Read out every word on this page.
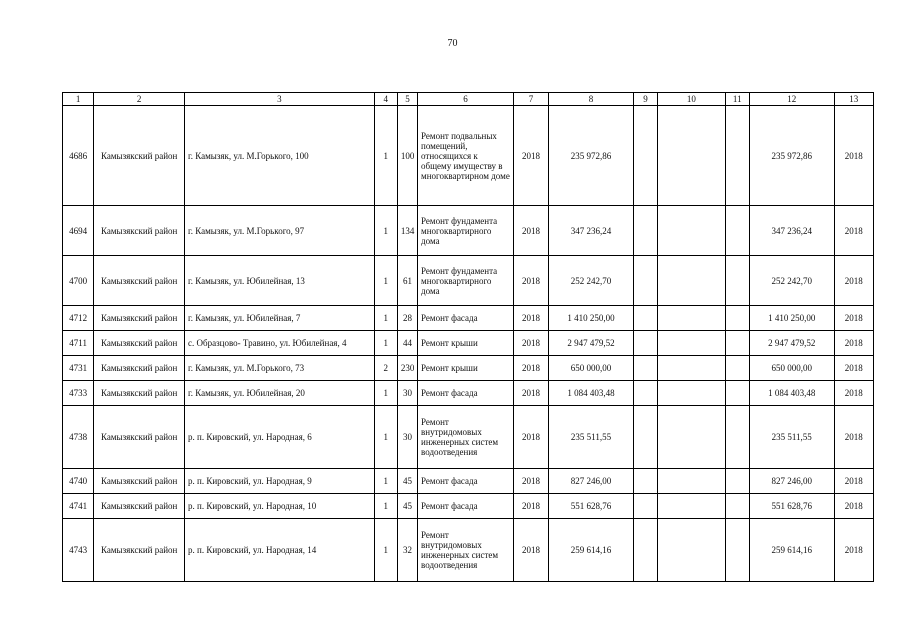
70
1	2	3	4	5	6	7	8	9	10	11	12	13
4686	Камызякский район	г. Камызяк, ул. М.Горького, 100	1	100	Ремонт подвальных помещений, относящихся к общему имуществу в многоквартирном доме	2018	235 972,86				235 972,86	2018
4694	Камызякский район	г. Камызяк, ул. М.Горького, 97	1	134	Ремонт фундамента многоквартирного дома	2018	347 236,24				347 236,24	2018
4700	Камызякский район	г. Камызяк, ул. Юбилейная, 13	1	61	Ремонт фундамента многоквартирного дома	2018	252 242,70				252 242,70	2018
4712	Камызякский район	г. Камызяк, ул. Юбилейная, 7	1	28	Ремонт фасада	2018	1 410 250,00				1 410 250,00	2018
4711	Камызякский район	с. Образцово- Травино, ул. Юбилейная, 4	1	44	Ремонт крыши	2018	2 947 479,52				2 947 479,52	2018
4731	Камызякский район	г. Камызяк, ул. М.Горького, 73	2	230	Ремонт крыши	2018	650 000,00				650 000,00	2018
4733	Камызякский район	г. Камызяк, ул. Юбилейная, 20	1	30	Ремонт фасада	2018	1 084 403,48				1 084 403,48	2018
4738	Камызякский район	р. п. Кировский, ул. Народная, 6	1	30	Ремонт внутридомовых инженерных систем водоотведения	2018	235 511,55				235 511,55	2018
4740	Камызякский район	р. п. Кировский, ул. Народная, 9	1	45	Ремонт фасада	2018	827 246,00				827 246,00	2018
4741	Камызякский район	р. п. Кировский, ул. Народная, 10	1	45	Ремонт фасада	2018	551 628,76				551 628,76	2018
4743	Камызякский район	р. п. Кировский, ул. Народная, 14	1	32	Ремонт внутридомовых инженерных систем водоотведения	2018	259 614,16				259 614,16	2018
